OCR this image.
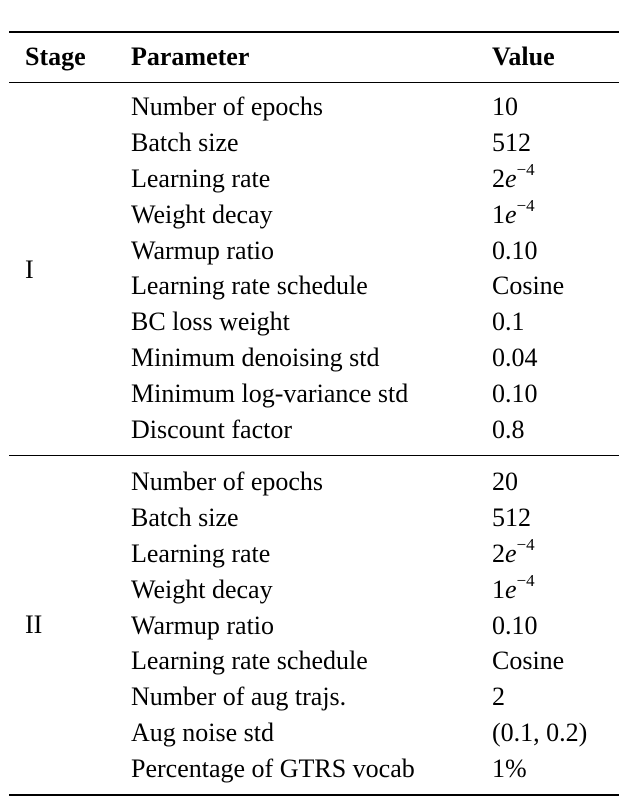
Stage Parameter	Value
I
Number of epochs	10
Batch size	512
Learning rate	$2e^{-4}$
Weight decay	$1e^{-4}$
Warmup ratio	0.10
Learning rate schedule	Cosine
BC loss weight	0.1
Minimum denoising std	0.04
Minimum log-variance std	0.10
Discount factor	0.8
II
Number of epochs	20
Batch size	512
Learning rate	$2e^{-4}$
Weight decay	$1e^{-4}$
Warmup ratio	0.10
Learning rate schedule	Cosine
Number of aug trajs.	2
Aug noise std	(0.1, 0.2)
Percentage of GTRS vocab	1%
